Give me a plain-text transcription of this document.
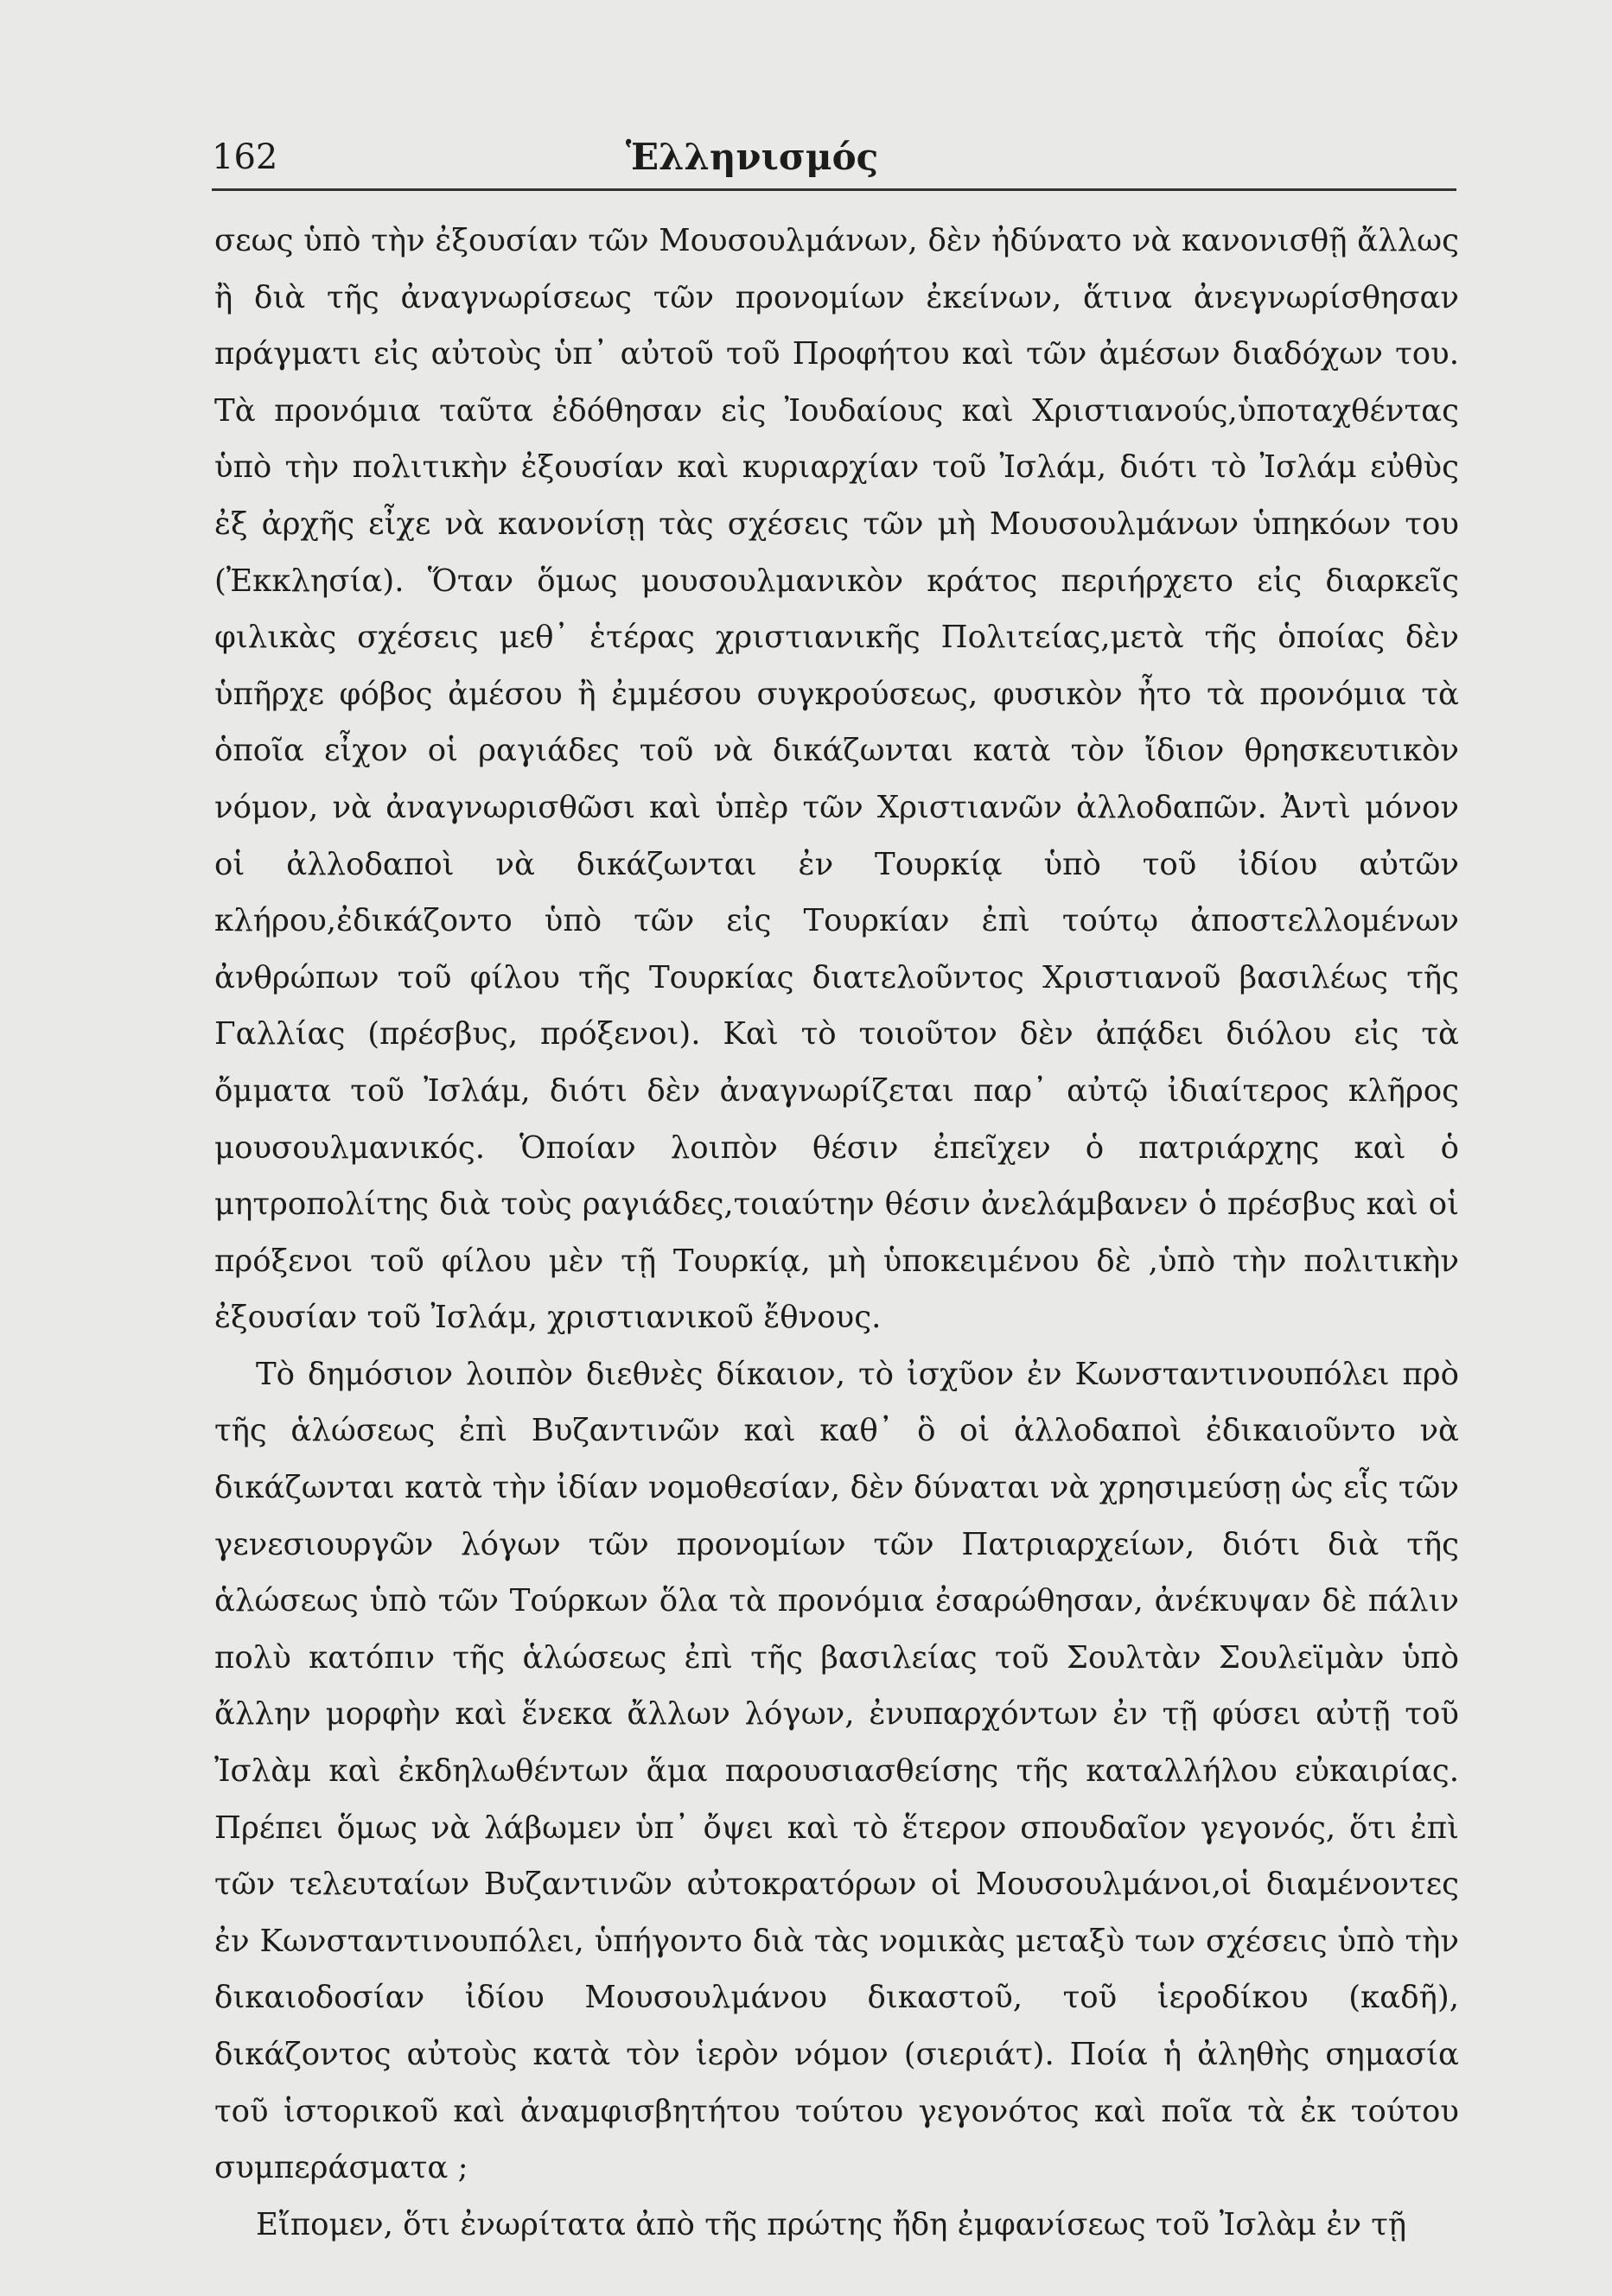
162	Ἑλληνισμός

σεως ὑπὸ τὴν ἐξουσίαν τῶν Μουσουλμάνων, δὲν ἠδύνατο νὰ κανονισθῇ ἄλλως ἢ διὰ τῆς ἀναγνωρίσεως τῶν προνομίων ἐκείνων, ἅτινα ἀνεγνωρίσθησαν πράγματι εἰς αὐτοὺς ὑπ᾽ αὐτοῦ τοῦ Προφήτου καὶ τῶν ἀμέσων διαδόχων του. Τὰ προνόμια ταῦτα ἐδόθησαν εἰς Ἰουδαίους καὶ Χριστιανούς,ὑποταχθέντας ὑπὸ τὴν πολιτικὴν ἐξουσίαν καὶ κυριαρχίαν τοῦ Ἰσλάμ, διότι τὸ Ἰσλάμ εὐθὺς ἐξ ἀρχῆς εἶχε νὰ κανονίσῃ τὰς σχέσεις τῶν μὴ Μουσουλμάνων ὑπηκόων του (Ἐκκλησία). Ὅταν ὅμως μουσουλμανικὸν κράτος περιήρχετο εἰς διαρκεῖς φιλικὰς σχέσεις μεθ᾽ ἑτέρας χριστιανικῆς Πολιτείας,μετὰ τῆς ὁποίας δὲν ὑπῆρχε φόβος ἀμέσου ἢ ἐμμέσου συγκρούσεως, φυσικὸν ἦτο τὰ προνόμια τὰ ὁποῖα εἶχον οἱ ραγιάδες τοῦ νὰ δικάζωνται κατὰ τὸν ἴδιον θρησκευτικὸν νόμον, νὰ ἀναγνωρισθῶσι καὶ ὑπὲρ τῶν Χριστιανῶν ἀλλοδαπῶν. Ἀντὶ μόνον οἱ ἀλλοδαποὶ νὰ δικάζωνται ἐν Τουρκίᾳ ὑπὸ τοῦ ἰδίου αὐτῶν κλήρου,ἐδικάζοντο ὑπὸ τῶν εἰς Τουρκίαν ἐπὶ τούτῳ ἀποστελλομένων ἀνθρώπων τοῦ φίλου τῆς Τουρκίας διατελοῦντος Χριστιανοῦ βασιλέως τῆς Γαλλίας (πρέσβυς, πρόξενοι). Καὶ τὸ τοιοῦτον δὲν ἀπᾴδει διόλου εἰς τὰ ὄμματα τοῦ Ἰσλάμ, διότι δὲν ἀναγνωρίζεται παρ᾽ αὐτῷ ἰδιαίτερος κλῆρος μουσουλμανικός. Ὁποίαν λοιπὸν θέσιν ἐπεῖχεν ὁ πατριάρχης καὶ ὁ μητροπολίτης διὰ τοὺς ραγιάδες,τοιαύτην θέσιν ἀνελάμβανεν ὁ πρέσβυς καὶ οἱ πρόξενοι τοῦ φίλου μὲν τῇ Τουρκίᾳ, μὴ ὑποκειμένου δὲ ,ὑπὸ τὴν πολιτικὴν ἐξουσίαν τοῦ Ἰσλάμ, χριστιανικοῦ ἔθνους.

Τὸ δημόσιον λοιπὸν διεθνὲς δίκαιον, τὸ ἰσχῦον ἐν Κωνσταντινουπόλει πρὸ τῆς ἁλώσεως ἐπὶ Βυζαντινῶν καὶ καθ᾽ ὃ οἱ ἀλλοδαποὶ ἐδικαιοῦντο νὰ δικάζωνται κατὰ τὴν ἰδίαν νομοθεσίαν, δὲν δύναται νὰ χρησιμεύσῃ ὡς εἷς τῶν γενεσιουργῶν λόγων τῶν προνομίων τῶν Πατριαρχείων, διότι διὰ τῆς ἁλώσεως ὑπὸ τῶν Τούρκων ὅλα τὰ προνόμια ἐσαρώθησαν, ἀνέκυψαν δὲ πάλιν πολὺ κατόπιν τῆς ἁλώσεως ἐπὶ τῆς βασιλείας τοῦ Σουλτὰν Σουλεϊμὰν ὑπὸ ἄλλην μορφὴν καὶ ἕνεκα ἄλλων λόγων, ἐνυπαρχόντων ἐν τῇ φύσει αὐτῇ τοῦ Ἰσλὰμ καὶ ἐκδηλωθέντων ἅμα παρουσιασθείσης τῆς καταλλήλου εὐκαιρίας. Πρέπει ὅμως νὰ λάβωμεν ὑπ᾽ ὄψει καὶ τὸ ἕτερον σπουδαῖον γεγονός, ὅτι ἐπὶ τῶν τελευταίων Βυζαντινῶν αὐτοκρατόρων οἱ Μουσουλμάνοι,οἱ διαμένοντες ἐν Κωνσταντινουπόλει, ὑπήγοντο διὰ τὰς νομικὰς μεταξὺ των σχέσεις ὑπὸ τὴν δικαιοδοσίαν ἰδίου Μουσουλμάνου δικαστοῦ, τοῦ ἱεροδίκου (καδῆ), δικάζοντος αὐτοὺς κατὰ τὸν ἱερὸν νόμον (σιεριάτ). Ποία ἡ ἀληθὴς σημασία τοῦ ἱστορικοῦ καὶ ἀναμφισβητήτου τούτου γεγονότος καὶ ποῖα τὰ ἐκ τούτου συμπεράσματα ;

Εἴπομεν, ὅτι ἐνωρίτατα ἀπὸ τῆς πρώτης ἤδη ἐμφανίσεως τοῦ Ἰσλὰμ ἐν τῇ
